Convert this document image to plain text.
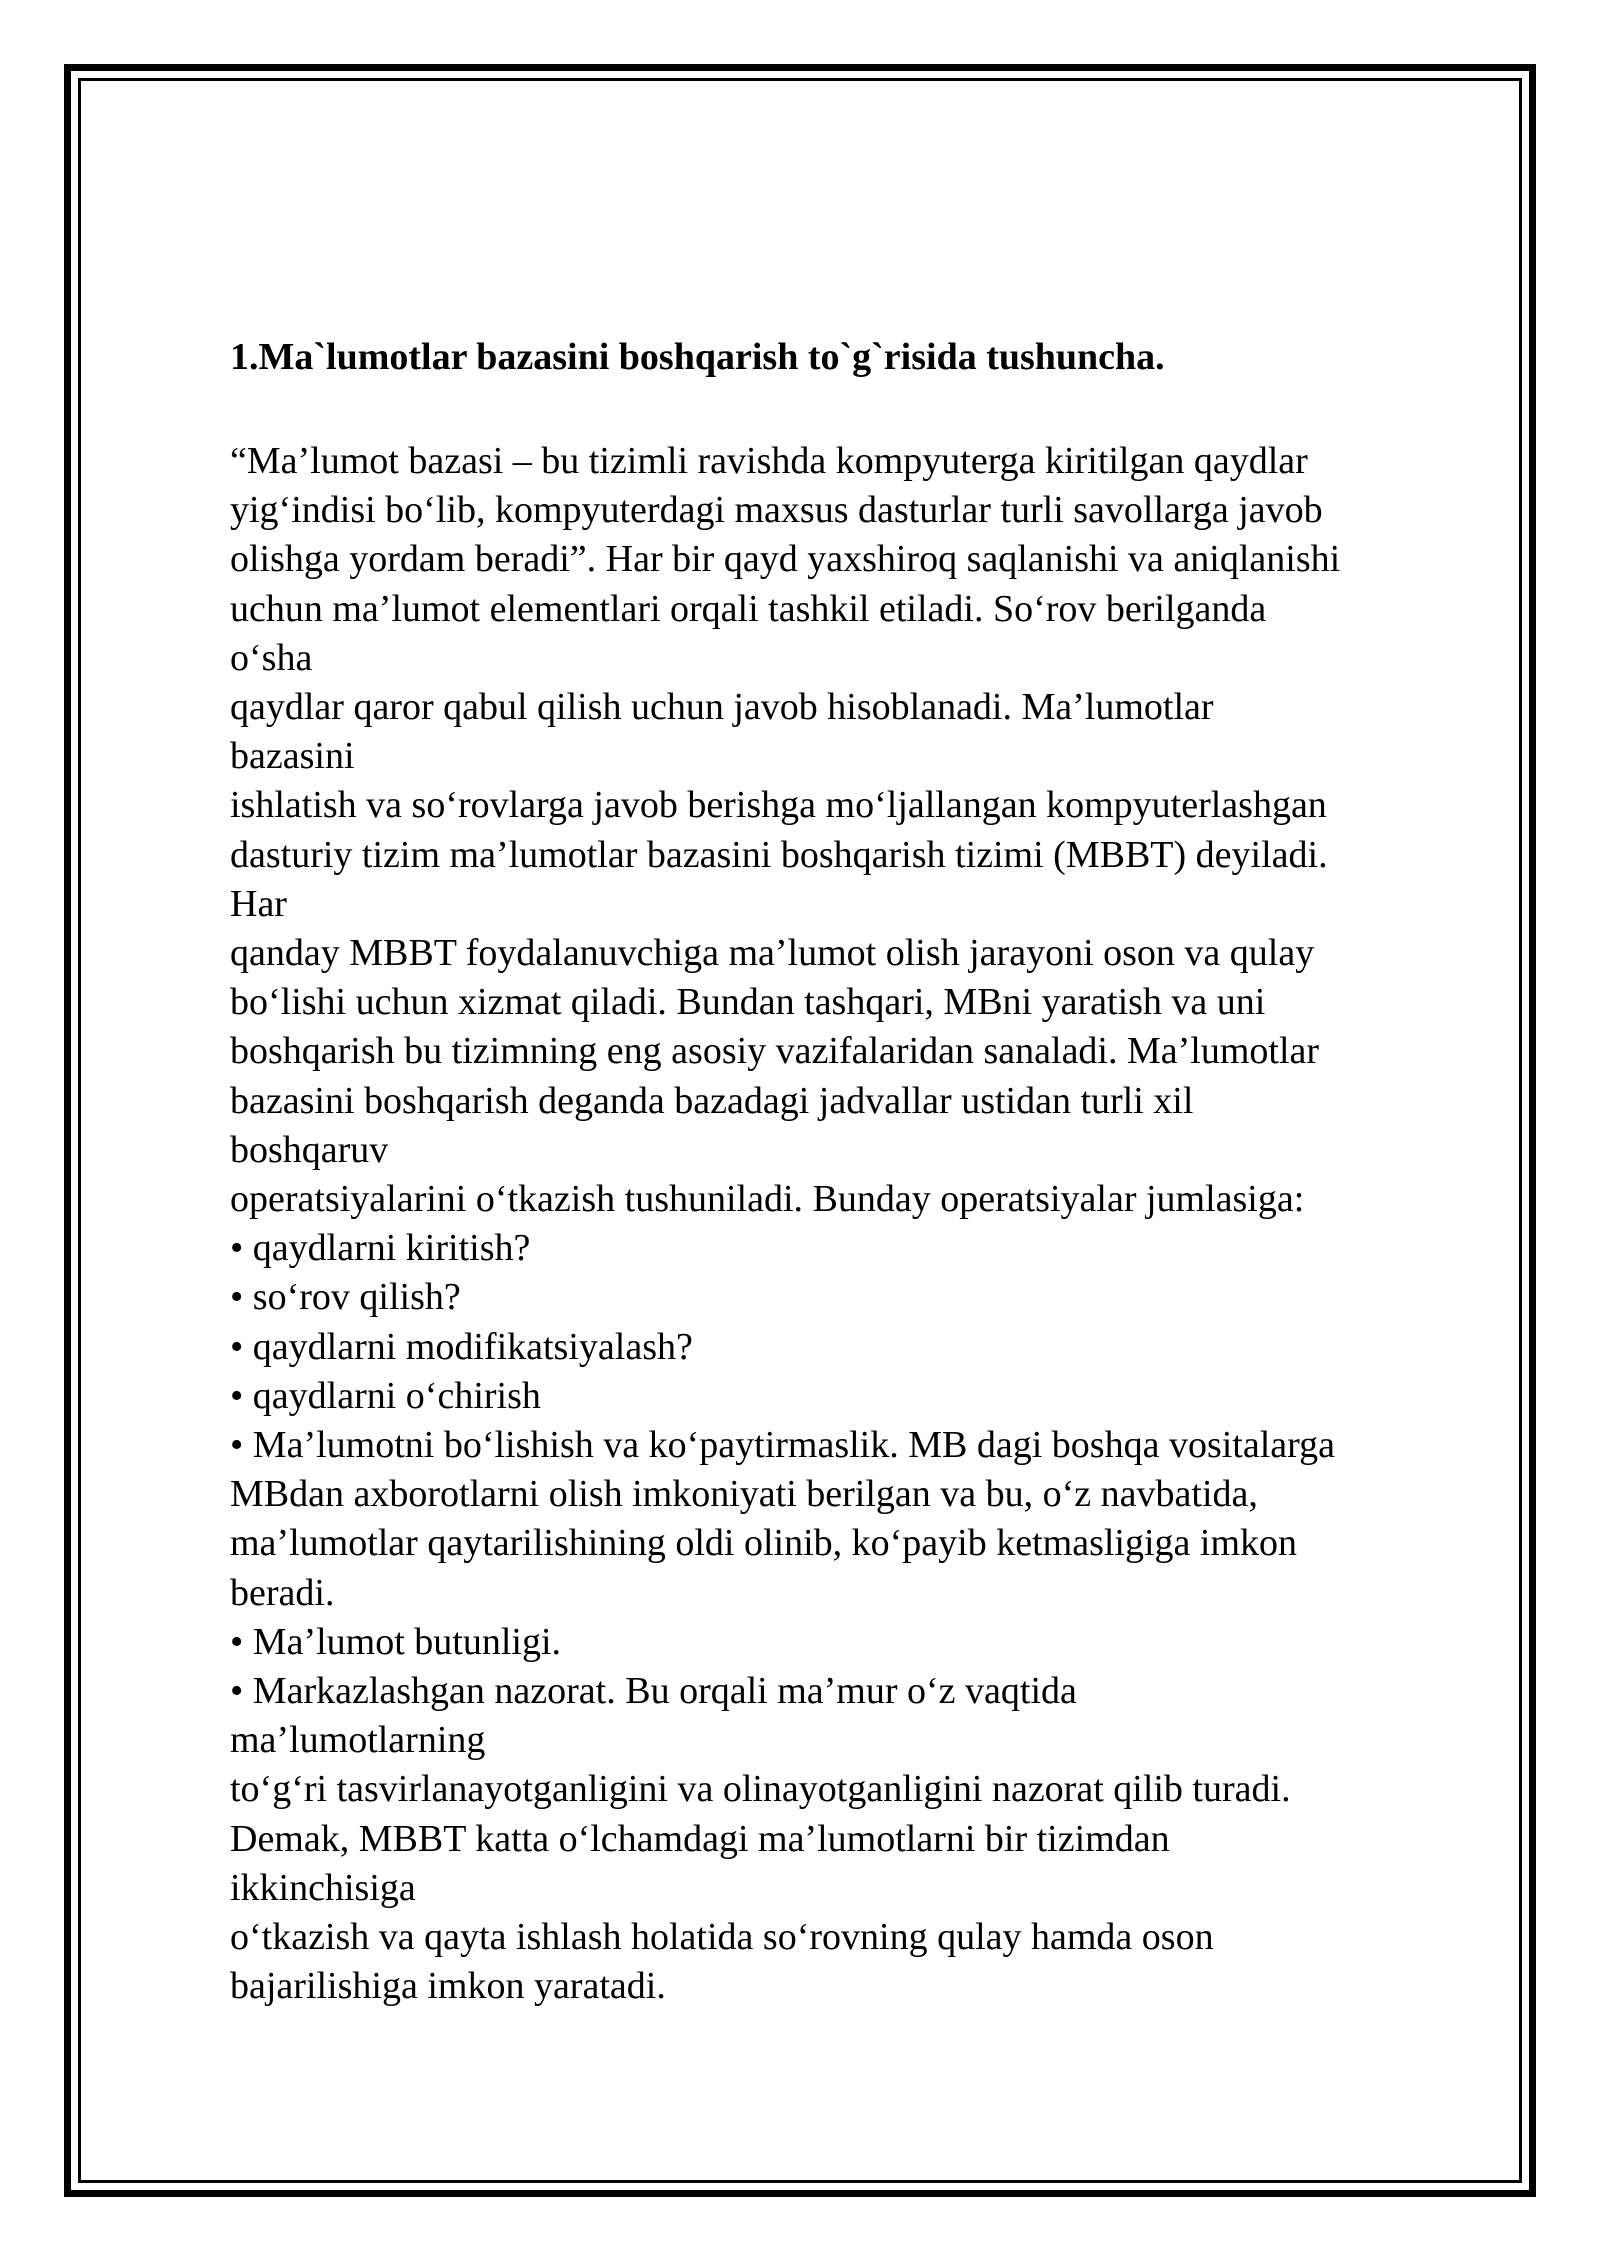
1.Ma`lumotlar bazasini boshqarish to`g`risida tushuncha.
“Ma’lumot bazasi – bu tizimli ravishda kompyuterga kiritilgan qaydlar
yig‘indisi bo‘lib, kompyuterdagi maxsus dasturlar turli savollarga javob
olishga yordam beradi”. Har bir qayd yaxshiroq saqlanishi va aniqlanishi
uchun ma’lumot elementlari orqali tashkil etiladi. So‘rov berilganda
o‘sha
qaydlar qaror qabul qilish uchun javob hisoblanadi. Ma’lumotlar
bazasini
ishlatish va so‘rovlarga javob berishga mo‘ljallangan kompyuterlashgan
dasturiy tizim ma’lumotlar bazasini boshqarish tizimi (MBBT) deyiladi.
Har
qanday MBBT foydalanuvchiga ma’lumot olish jarayoni oson va qulay
bo‘lishi uchun xizmat qiladi. Bundan tashqari, MBni yaratish va uni
boshqarish bu tizimning eng asosiy vazifalaridan sanaladi. Ma’lumotlar
bazasini boshqarish deganda bazadagi jadvallar ustidan turli xil
boshqaruv
operatsiyalarini o‘tkazish tushuniladi. Bunday operatsiyalar jumlasiga:
• qaydlarni kiritish?
• so‘rov qilish?
• qaydlarni modifikatsiyalash?
• qaydlarni o‘chirish
• Ma’lumotni bo‘lishish va ko‘paytirmaslik. MB dagi boshqa vositalarga
MBdan axborotlarni olish imkoniyati berilgan va bu, o‘z navbatida,
ma’lumotlar qaytarilishining oldi olinib, ko‘payib ketmasligiga imkon
beradi.
• Ma’lumot butunligi.
• Markazlashgan nazorat. Bu orqali ma’mur o‘z vaqtida
ma’lumotlarning
to‘g‘ri tasvirlanayotganligini va olinayotganligini nazorat qilib turadi.
Demak, MBBT katta o‘lchamdagi ma’lumotlarni bir tizimdan
ikkinchisiga
o‘tkazish va qayta ishlash holatida so‘rovning qulay hamda oson
bajarilishiga imkon yaratadi.
